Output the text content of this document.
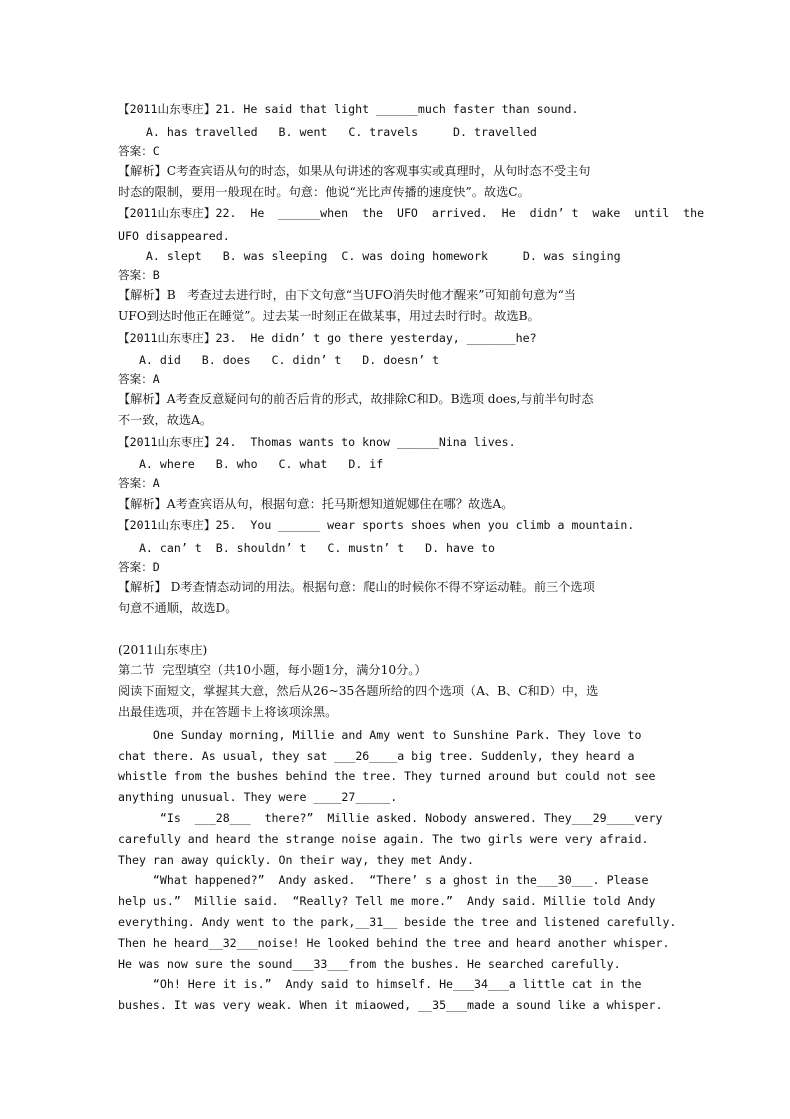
【2011山东枣庄】21. He said that light ______much faster than sound.
A. has travelled   B. went   C. travels     D. travelled
答案：C
【解析】C考查宾语从句的时态，如果从句讲述的客观事实或真理时，从句时态不受主句
时态的限制，要用一般现在时。句意：他说“光比声传播的速度快”。故选C。
【2011山东枣庄】22.  He  ______when  the  UFO  arrived.  He  didn’ t  wake  until  the
UFO disappeared.
A. slept   B. was sleeping  C. was doing homework     D. was singing
答案：B
【解析】B   考查过去进行时，由下文句意“当UFO消失时他才醒来”可知前句意为“当
UFO到达时他正在睡觉”。过去某一时刻正在做某事，用过去时行时。故选B。
【2011山东枣庄】23.  He didn’ t go there yesterday, _______he?
A. did   B. does   C. didn’ t   D. doesn’ t
答案：A
【解析】A考查反意疑问句的前否后肯的形式，故排除C和D。B选项 does,与前半句时态
不一致，故选A。
【2011山东枣庄】24.  Thomas wants to know ______Nina lives.
A. where   B. who   C. what   D. if
答案：A
【解析】A考查宾语从句，根据句意：托马斯想知道妮娜住在哪？故选A。
【2011山东枣庄】25.  You ______ wear sports shoes when you climb a mountain.
A. can’ t  B. shouldn’ t   C. mustn’ t   D. have to
答案：D
【解析】 D考查情态动词的用法。根据句意：爬山的时候你不得不穿运动鞋。前三个选项
句意不通顺，故选D。
(2011山东枣庄)
第二节  完型填空（共10小题，每小题1分，满分10分。）
阅读下面短文，掌握其大意，然后从26~35各题所给的四个选项（A、B、C和D）中，选
出最佳选项，并在答题卡上将该项涂黑。
One Sunday morning, Millie and Amy went to Sunshine Park. They love to
chat there. As usual, they sat ___26____a big tree. Suddenly, they heard a
whistle from the bushes behind the tree. They turned around but could not see
anything unusual. They were ____27_____.
“Is  ___28___  there?”  Millie asked. Nobody answered. They___29____very
carefully and heard the strange noise again. The two girls were very afraid.
They ran away quickly. On their way, they met Andy.
“What happened?”  Andy asked.  “There’ s a ghost in the___30___. Please
help us.”  Millie said.  “Really? Tell me more.”  Andy said. Millie told Andy
everything. Andy went to the park,__31__ beside the tree and listened carefully.
Then he heard__32___noise! He looked behind the tree and heard another whisper.
He was now sure the sound___33___from the bushes. He searched carefully.
“Oh! Here it is.”  Andy said to himself. He___34___a little cat in the
bushes. It was very weak. When it miaowed, __35___made a sound like a whisper.
